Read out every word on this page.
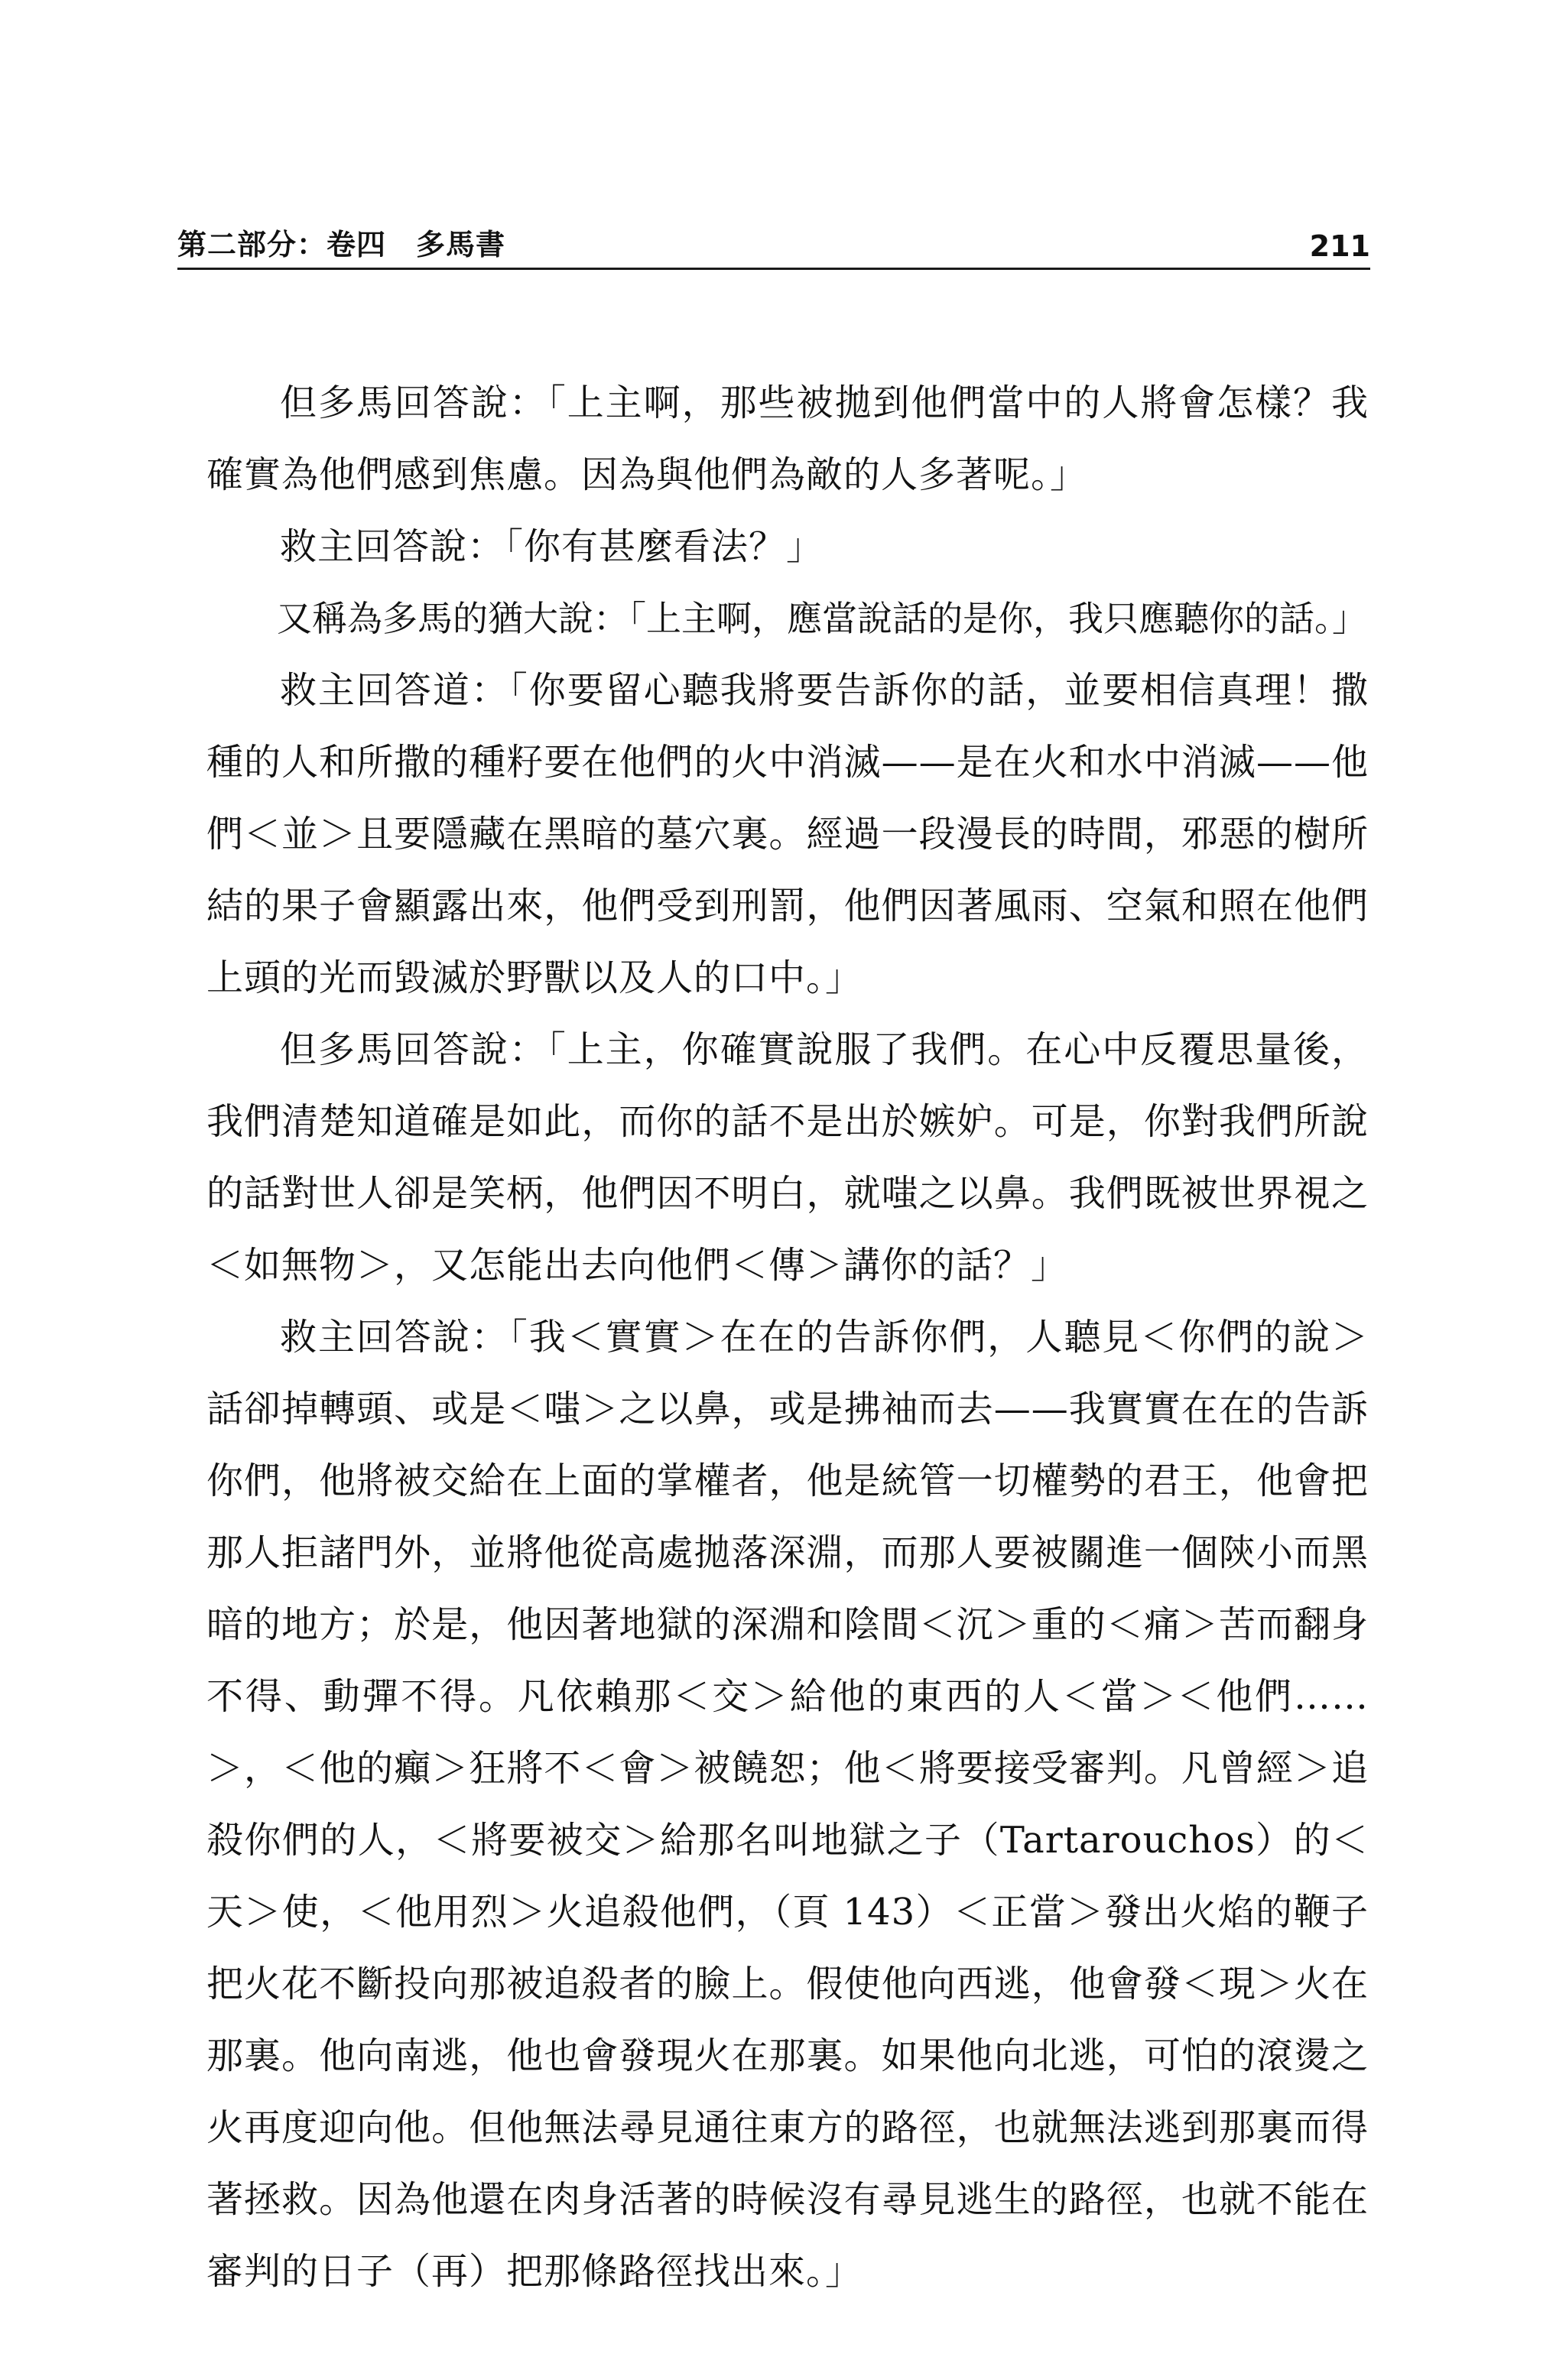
第二部分：卷四　多馬書	211

但多馬回答說：「上主啊，那些被拋到他們當中的人將會怎樣？我確實為他們感到焦慮。因為與他們為敵的人多著呢。」

救主回答說：「你有甚麼看法？」

又稱為多馬的猶大說：「上主啊，應當說話的是你，我只應聽你的話。」

救主回答道：「你要留心聽我將要告訴你的話，並要相信真理！撒種的人和所撒的種籽要在他們的火中消滅——是在火和水中消滅——他們＜並＞且要隱藏在黑暗的墓穴裏。經過一段漫長的時間，邪惡的樹所結的果子會顯露出來，他們受到刑罰，他們因著風雨、空氣和照在他們上頭的光而毀滅於野獸以及人的口中。」

但多馬回答說：「上主，你確實說服了我們。在心中反覆思量後，我們清楚知道確是如此，而你的話不是出於嫉妒。可是，你對我們所說的話對世人卻是笑柄，他們因不明白，就嗤之以鼻。我們既被世界視之＜如無物＞，又怎能出去向他們＜傳＞講你的話？」

救主回答說：「我＜實實＞在在的告訴你們，人聽見＜你們的說＞話卻掉轉頭、或是＜嗤＞之以鼻，或是拂袖而去——我實實在在的告訴你們，他將被交給在上面的掌權者，他是統管一切權勢的君王，他會把那人拒諸門外，並將他從高處拋落深淵，而那人要被關進一個陝小而黑暗的地方；於是，他因著地獄的深淵和陰間＜沉＞重的＜痛＞苦而翻身不得、動彈不得。凡依賴那＜交＞給他的東西的人＜當＞＜他們……＞，＜他的癲＞狂將不＜會＞被饒恕；他＜將要接受審判。凡曾經＞追殺你們的人，＜將要被交＞給那名叫地獄之子（Tartarouchos）的＜天＞使，＜他用烈＞火追殺他們，（頁 143）＜正當＞發出火焰的鞭子把火花不斷投向那被追殺者的臉上。假使他向西逃，他會發＜現＞火在那裏。他向南逃，他也會發現火在那裏。如果他向北逃，可怕的滾燙之火再度迎向他。但他無法尋見通往東方的路徑，也就無法逃到那裏而得著拯救。因為他還在肉身活著的時候沒有尋見逃生的路徑，也就不能在審判的日子（再）把那條路徑找出來。」
